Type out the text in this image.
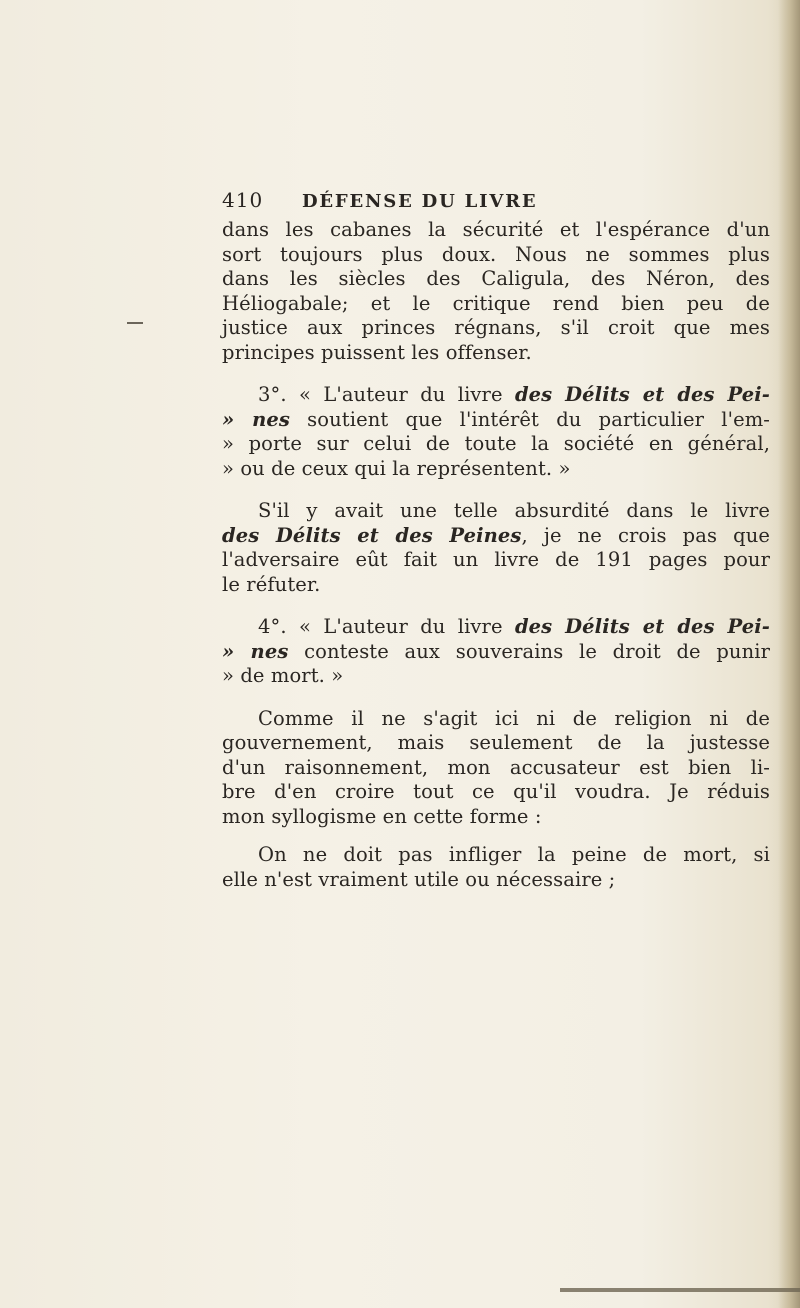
410	DÉFENSE DU LIVRE
dans les cabanes la sécurité et l'espérance d'un
sort toujours plus doux. Nous ne sommes plus
dans les siècles des Caligula, des Néron, des
Héliogabale; et le critique rend bien peu de
justice aux princes régnans, s'il croit que mes
principes puissent les offenser.
3°. « L'auteur du livre des Délits et des Pei-
» nes soutient que l'intérêt du particulier l'em-
» porte sur celui de toute la société en général,
» ou de ceux qui la représentent. »
S'il y avait une telle absurdité dans le livre
des Délits et des Peines, je ne crois pas que
l'adversaire eût fait un livre de 191 pages pour
le réfuter.
4°. « L'auteur du livre des Délits et des Pei-
» nes conteste aux souverains le droit de punir
» de mort. »
Comme il ne s'agit ici ni de religion ni de
gouvernement, mais seulement de la justesse
d'un raisonnement, mon accusateur est bien li-
bre d'en croire tout ce qu'il voudra. Je réduis
mon syllogisme en cette forme :
On ne doit pas infliger la peine de mort, si
elle n'est vraiment utile ou nécessaire ;
